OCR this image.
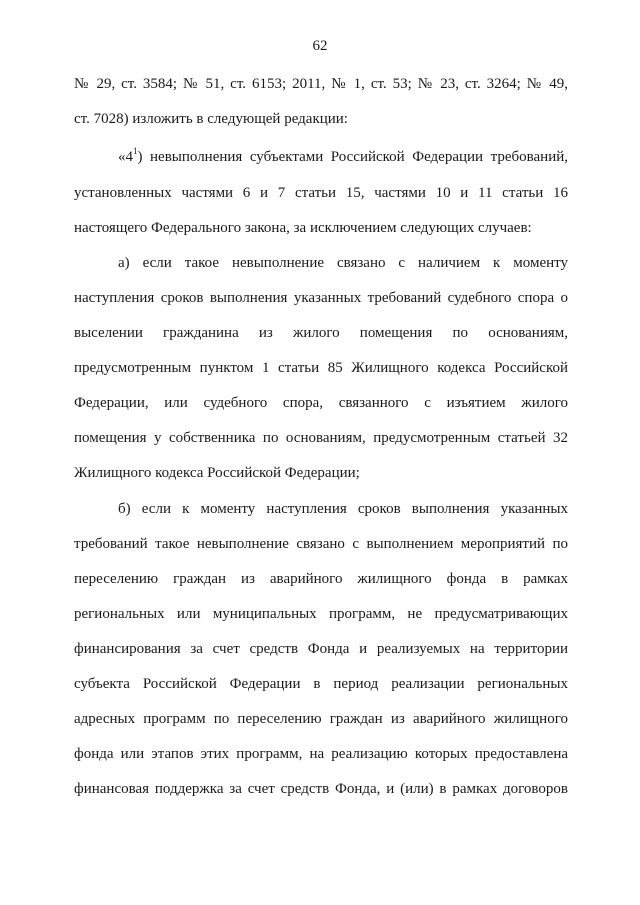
62
№ 29, ст. 3584; № 51, ст. 6153; 2011, № 1, ст. 53; № 23, ст. 3264; № 49,
ст. 7028) изложить в следующей редакции:
«$4^1$) невыполнения субъектами Российской Федерации требований,
установленных частями 6 и 7 статьи 15, частями 10 и 11 статьи 16
настоящего Федерального закона, за исключением следующих случаев:
а) если такое невыполнение связано с наличием к моменту
наступления сроков выполнения указанных требований судебного спора о
выселении гражданина из жилого помещения по основаниям,
предусмотренным пунктом 1 статьи 85 Жилищного кодекса Российской
Федерации, или судебного спора, связанного с изъятием жилого
помещения у собственника по основаниям, предусмотренным статьей 32
Жилищного кодекса Российской Федерации;
б) если к моменту наступления сроков выполнения указанных
требований такое невыполнение связано с выполнением мероприятий по
переселению граждан из аварийного жилищного фонда в рамках
региональных или муниципальных программ, не предусматривающих
финансирования за счет средств Фонда и реализуемых на территории
субъекта Российской Федерации в период реализации региональных
адресных программ по переселению граждан из аварийного жилищного
фонда или этапов этих программ, на реализацию которых предоставлена
финансовая поддержка за счет средств Фонда, и (или) в рамках договоров
